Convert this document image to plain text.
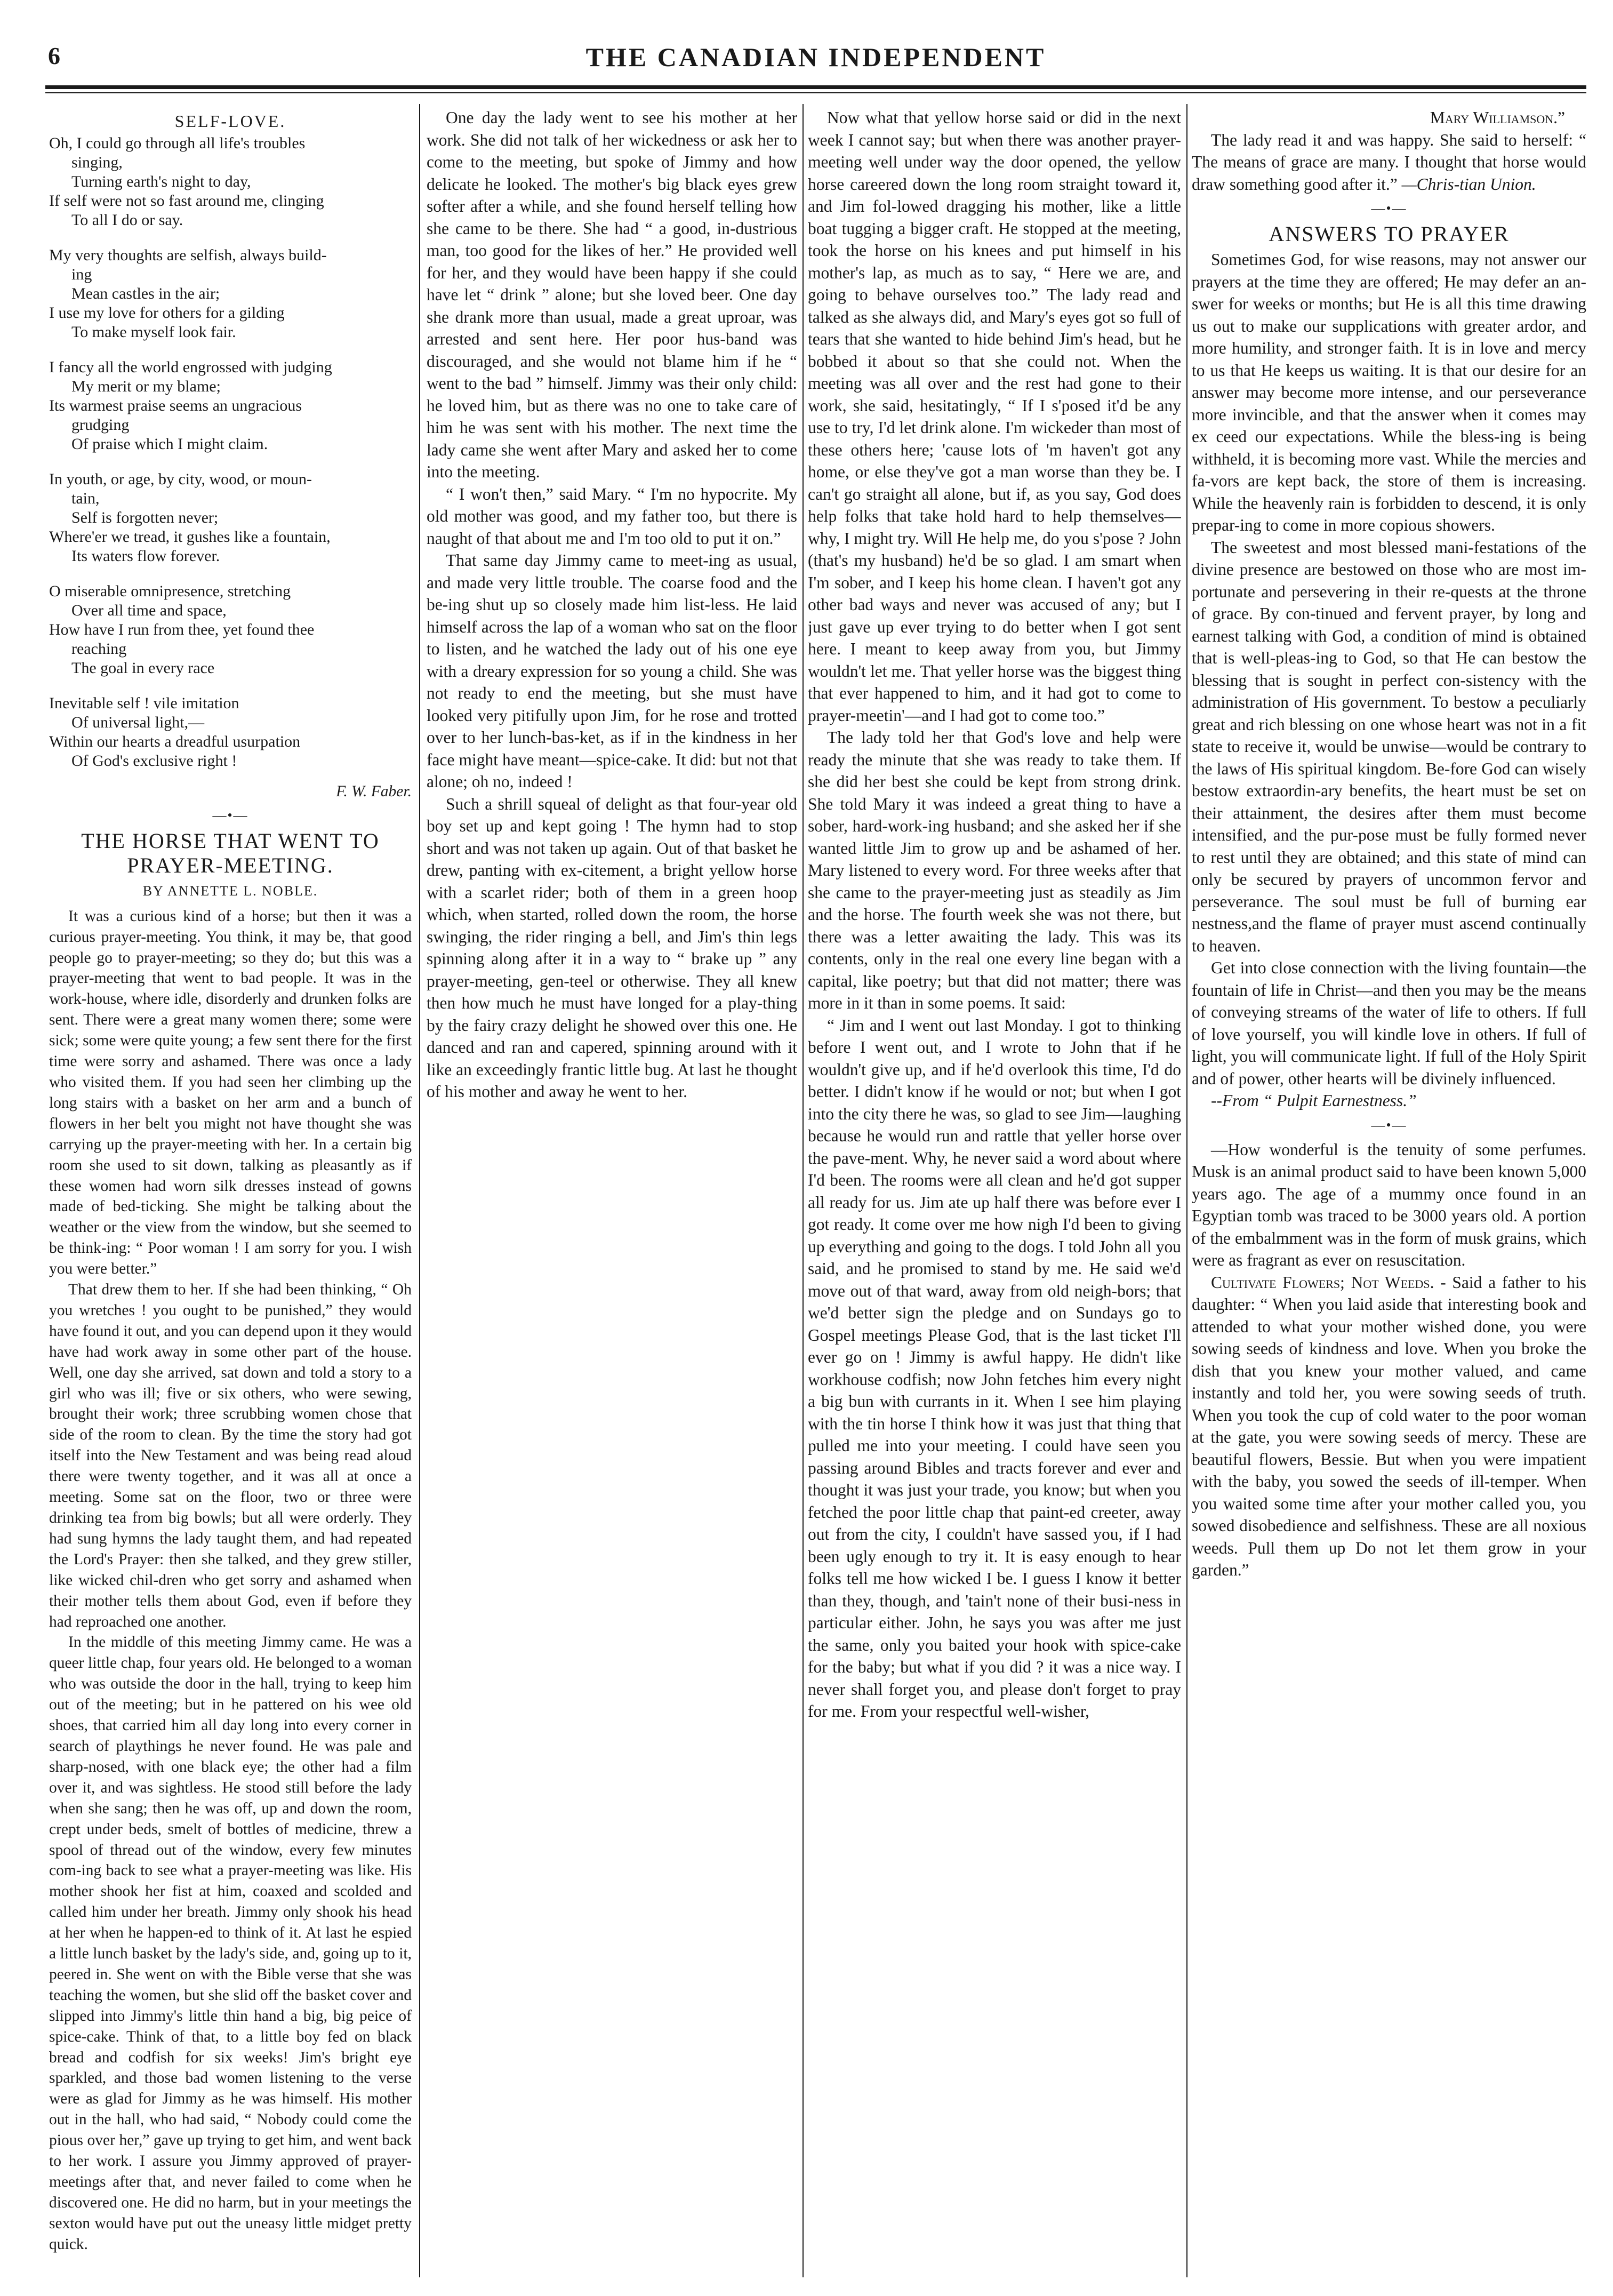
6	THE CANADIAN INDEPENDENT
SELF-LOVE.
Oh, I could go through all life's troubles
singing,
Turning earth's night to day,
If self were not so fast around me, clinging
To all I do or say.
My very thoughts are selfish, always build-
ing
Mean castles in the air;
I use my love for others for a gilding
To make myself look fair.
I fancy all the world engrossed with judging
My merit or my blame;
Its warmest praise seems an ungracious
grudging
Of praise which I might claim.
In youth, or age, by city, wood, or moun-
tain,
Self is forgotten never;
Where'er we tread, it gushes like a fountain,
Its waters flow forever.
O miserable omnipresence, stretching
Over all time and space,
How have I run from thee, yet found thee
reaching
The goal in every race
Inevitable self ! vile imitation
Of universal light,—
Within our hearts a dreadful usurpation
Of God's exclusive right !
F. W. Faber.
—•—
THE HORSE THAT WENT TO PRAYER-MEETING.
BY ANNETTE L. NOBLE.

It was a curious kind of a horse; but then it was a curious prayer-meeting. You think, it may be, that good people go to prayer-meeting; so they do; but this was a prayer-meeting that went to bad people. It was in the work-house, where idle, disorderly and drunken folks are sent. There were a great many women there; some were sick; some were quite young; a few sent there for the first time were sorry and ashamed. There was once a lady who visited them. If you had seen her climbing up the long stairs with a basket on her arm and a bunch of flowers in her belt you might not have thought she was carrying up the prayer-meeting with her. In a certain big room she used to sit down, talking as pleasantly as if these women had worn silk dresses instead of gowns made of bed-ticking. She might be talking about the weather or the view from the window, but she seemed to be think-ing: “ Poor woman ! I am sorry for you. I wish you were better.”

That drew them to her. If she had been thinking, “ Oh you wretches ! you ought to be punished,” they would have found it out, and you can depend upon it they would have had work away in some other part of the house. Well, one day she arrived, sat down and told a story to a girl who was ill; five or six others, who were sewing, brought their work; three scrubbing women chose that side of the room to clean. By the time the story had got itself into the New Testament and was being read aloud there were twenty together, and it was all at once a meeting. Some sat on the floor, two or three were drinking tea from big bowls; but all were orderly. They had sung hymns the lady taught them, and had repeated the Lord's Prayer: then she talked, and they grew stiller, like wicked chil-dren who get sorry and ashamed when their mother tells them about God, even if before they had reproached one another.

In the middle of this meeting Jimmy came. He was a queer little chap, four years old. He belonged to a woman who was outside the door in the hall, trying to keep him out of the meeting; but in he pattered on his wee old shoes, that carried him all day long into every corner in search of playthings he never found. He was pale and sharp-nosed, with one black eye; the other had a film over it, and was sightless. He stood still before the lady when she sang; then he was off, up and down the room, crept under beds, smelt of bottles of medicine, threw a spool of thread out of the window, every few minutes com-ing back to see what a prayer-meeting was like. His mother shook her fist at him, coaxed and scolded and called him under her breath. Jimmy only shook his head at her when he happen-ed to think of it. At last he espied a little lunch basket by the lady's side, and, going up to it, peered in. She went on with the Bible verse that she was teaching the women, but she slid off the basket cover and slipped into Jimmy's little thin hand a big, big peice of spice-cake. Think of that, to a little boy fed on black bread and codfish for six weeks! Jim's bright eye sparkled, and those bad women listening to the verse were as glad for Jimmy as he was himself. His mother out in the hall, who had said, “ Nobody could come the pious over her,” gave up trying to get him, and went back to her work. I assure you Jimmy approved of prayer-meetings after that, and never failed to come when he discovered one. He did no harm, but in your meetings the sexton would have put out the uneasy little midget pretty quick.

One day the lady went to see his mother at her work. She did not talk of her wickedness or ask her to come to the meeting, but spoke of Jimmy and how delicate he looked. The mother's big black eyes grew softer after a while, and she found herself telling how she came to be there. She had “ a good, in-dustrious man, too good for the likes of her.” He provided well for her, and they would have been happy if she could have let “ drink ” alone; but she loved beer. One day she drank more than usual, made a great uproar, was arrested and sent here. Her poor hus-band was discouraged, and she would not blame him if he “ went to the bad ” himself. Jimmy was their only child: he loved him, but as there was no one to take care of him he was sent with his mother. The next time the lady came she went after Mary and asked her to come into the meeting.

“ I won't then,” said Mary. “ I'm no hypocrite. My old mother was good, and my father too, but there is naught of that about me and I'm too old to put it on.”

That same day Jimmy came to meet-ing as usual, and made very little trouble. The coarse food and the be-ing shut up so closely made him list-less. He laid himself across the lap of a woman who sat on the floor to listen, and he watched the lady out of his one eye with a dreary expression for so young a child. She was not ready to end the meeting, but she must have looked very pitifully upon Jim, for he rose and trotted over to her lunch-bas-ket, as if in the kindness in her face might have meant—spice-cake. It did: but not that alone; oh no, indeed !

Such a shrill squeal of delight as that four-year old boy set up and kept going ! The hymn had to stop short and was not taken up again. Out of that basket he drew, panting with ex-citement, a bright yellow horse with a scarlet rider; both of them in a green hoop which, when started, rolled down the room, the horse swinging, the rider ringing a bell, and Jim's thin legs spinning along after it in a way to “ brake up ” any prayer-meeting, gen-teel or otherwise. They all knew then how much he must have longed for a play-thing by the fairy crazy delight he showed over this one. He danced and ran and capered, spinning around with it like an exceedingly frantic little bug. At last he thought of his mother and away he went to her.

Now what that yellow horse said or did in the next week I cannot say; but when there was another prayer-meeting well under way the door opened, the yellow horse careered down the long room straight toward it, and Jim fol-lowed dragging his mother, like a little boat tugging a bigger craft. He stopped at the meeting, took the horse on his knees and put himself in his mother's lap, as much as to say, “ Here we are, and going to behave ourselves too.” The lady read and talked as she always did, and Mary's eyes got so full of tears that she wanted to hide behind Jim's head, but he bobbed it about so that she could not. When the meeting was all over and the rest had gone to their work, she said, hesitatingly, “ If I s'posed it'd be any use to try, I'd let drink alone. I'm wickeder than most of these others here; 'cause lots of 'm haven't got any home, or else they've got a man worse than they be. I can't go straight all alone, but if, as you say, God does help folks that take hold hard to help themselves—why, I might try. Will He help me, do you s'pose ? John (that's my husband) he'd be so glad. I am smart when I'm sober, and I keep his home clean. I haven't got any other bad ways and never was accused of any; but I just gave up ever trying to do better when I got sent here. I meant to keep away from you, but Jimmy wouldn't let me. That yeller horse was the biggest thing that ever happened to him, and it had got to come to prayer-meetin'—and I had got to come too.”

The lady told her that God's love and help were ready the minute that she was ready to take them. If she did her best she could be kept from strong drink. She told Mary it was indeed a great thing to have a sober, hard-work-ing husband; and she asked her if she wanted little Jim to grow up and be ashamed of her. Mary listened to every word. For three weeks after that she came to the prayer-meeting just as steadily as Jim and the horse. The fourth week she was not there, but there was a letter awaiting the lady. This was its contents, only in the real one every line began with a capital, like poetry; but that did not matter; there was more in it than in some poems. It said:

“ Jim and I went out last Monday. I got to thinking before I went out, and I wrote to John that if he wouldn't give up, and if he'd overlook this time, I'd do better. I didn't know if he would or not; but when I got into the city there he was, so glad to see Jim—laughing because he would run and rattle that yeller horse over the pave-ment. Why, he never said a word about where I'd been. The rooms were all clean and he'd got supper all ready for us. Jim ate up half there was before ever I got ready. It come over me how nigh I'd been to giving up everything and going to the dogs. I told John all you said, and he promised to stand by me. He said we'd move out of that ward, away from old neigh-bors; that we'd better sign the pledge and on Sundays go to Gospel meetings Please God, that is the last ticket I'll ever go on ! Jimmy is awful happy. He didn't like workhouse codfish; now John fetches him every night a big bun with currants in it. When I see him playing with the tin horse I think how it was just that thing that pulled me into your meeting. I could have seen you passing around Bibles and tracts forever and ever and thought it was just your trade, you know; but when you fetched the poor little chap that paint-ed creeter, away out from the city, I couldn't have sassed you, if I had been ugly enough to try it. It is easy enough to hear folks tell me how wicked I be. I guess I know it better than they, though, and 'tain't none of their busi-ness in particular either. John, he says you was after me just the same, only you baited your hook with spice-cake for the baby; but what if you did ? it was a nice way. I never shall forget you, and please don't forget to pray for me. From your respectful well-wisher,

Mary Williamson.”

The lady read it and was happy. She said to herself: “ The means of grace are many. I thought that horse would draw something good after it.” —Chris-tian Union.

—•—
ANSWERS TO PRAYER

Sometimes God, for wise reasons, may not answer our prayers at the time they are offered; He may defer an an-swer for weeks or months; but He is all this time drawing us out to make our supplications with greater ardor, and more humility, and stronger faith. It is in love and mercy to us that He keeps us waiting. It is that our desire for an answer may become more intense, and our perseverance more invincible, and that the answer when it comes may ex ceed our expectations. While the bless-ing is being withheld, it is becoming more vast. While the mercies and fa-vors are kept back, the store of them is increasing. While the heavenly rain is forbidden to descend, it is only prepar-ing to come in more copious showers.

The sweetest and most blessed mani-festations of the divine presence are bestowed on those who are most im-portunate and persevering in their re-quests at the throne of grace. By con-tinued and fervent prayer, by long and earnest talking with God, a condition of mind is obtained that is well-pleas-ing to God, so that He can bestow the blessing that is sought in perfect con-sistency with the administration of His government. To bestow a peculiarly great and rich blessing on one whose heart was not in a fit state to receive it, would be unwise—would be contrary to the laws of His spiritual kingdom. Be-fore God can wisely bestow extraordin-ary benefits, the heart must be set on their attainment, the desires after them must become intensified, and the pur-pose must be fully formed never to rest until they are obtained; and this state of mind can only be secured by prayers of uncommon fervor and perseverance. The soul must be full of burning ear nestness,and the flame of prayer must ascend continually to heaven.

Get into close connection with the living fountain—the fountain of life in Christ—and then you may be the means of conveying streams of the water of life to others. If full of love yourself, you will kindle love in others. If full of light, you will communicate light. If full of the Holy Spirit and of power, other hearts will be divinely influenced.

--From “ Pulpit Earnestness.”

—•—

—How wonderful is the tenuity of some perfumes. Musk is an animal product said to have been known 5,000 years ago. The age of a mummy once found in an Egyptian tomb was traced to be 3000 years old. A portion of the embalmment was in the form of musk grains, which were as fragrant as ever on resuscitation.

Cultivate Flowers; Not Weeds. - Said a father to his daughter: “ When you laid aside that interesting book and attended to what your mother wished done, you were sowing seeds of kindness and love. When you broke the dish that you knew your mother valued, and came instantly and told her, you were sowing seeds of truth. When you took the cup of cold water to the poor woman at the gate, you were sowing seeds of mercy. These are beautiful flowers, Bessie. But when you were impatient with the baby, you sowed the seeds of ill-temper. When you waited some time after your mother called you, you sowed disobedience and selfishness. These are all noxious weeds. Pull them up Do not let them grow in your garden.”
